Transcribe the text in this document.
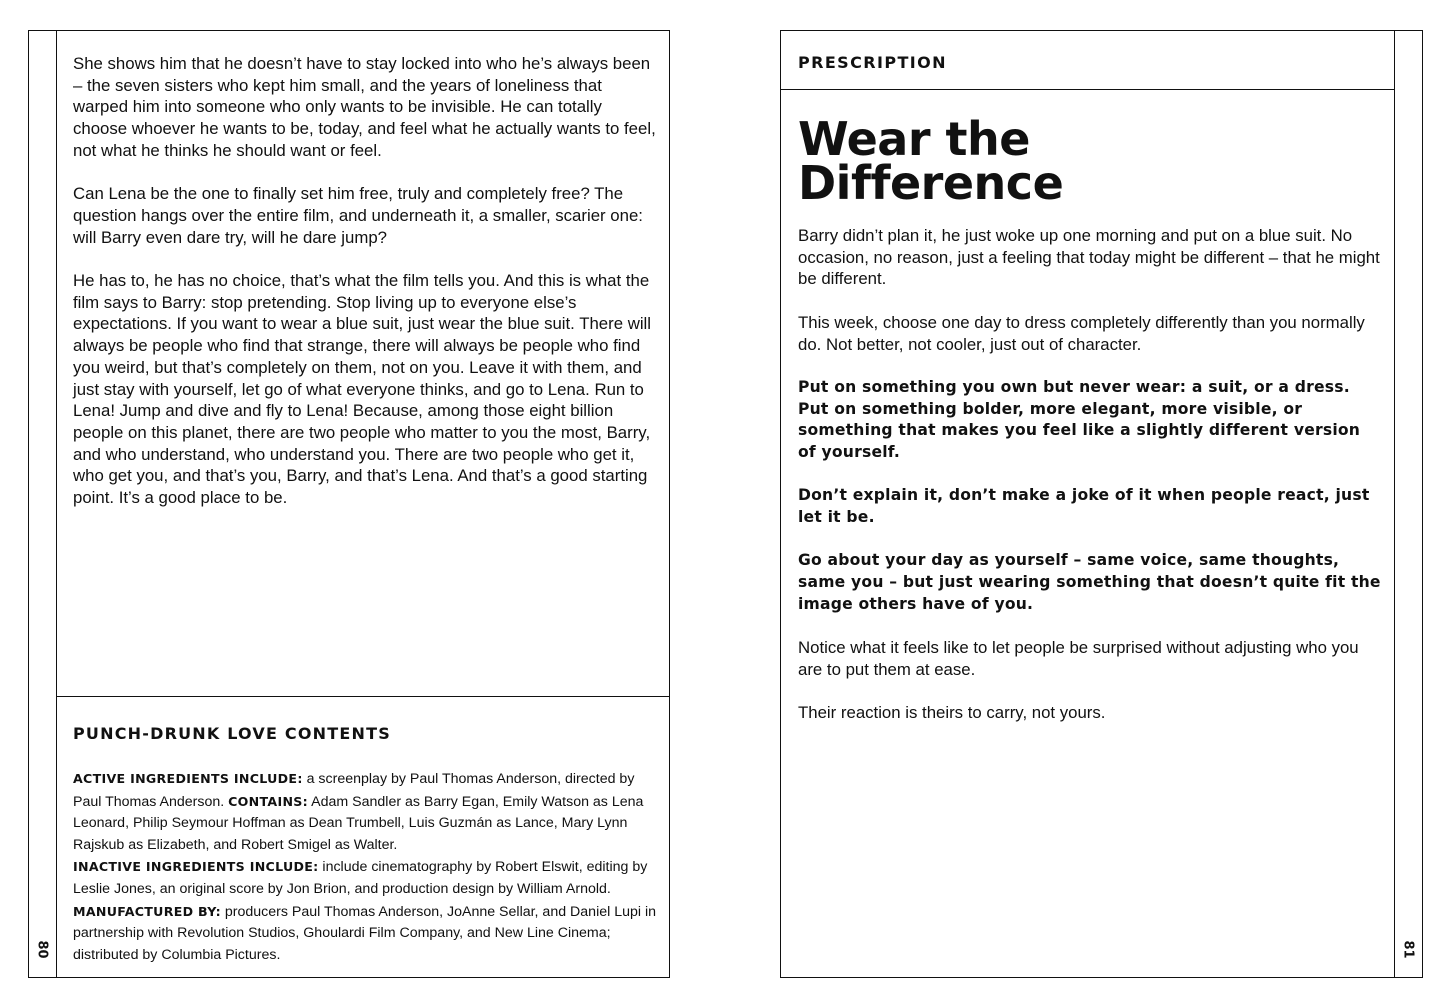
80

She shows him that he doesn’t have to stay locked into who he’s always been – the seven sisters who kept him small, and the years of loneliness that warped him into someone who only wants to be invisible. He can totally choose whoever he wants to be, today, and feel what he actually wants to feel, not what he thinks he should want or feel.

Can Lena be the one to finally set him free, truly and completely free? The question hangs over the entire film, and underneath it, a smaller, scarier one: will Barry even dare try, will he dare jump?

He has to, he has no choice, that’s what the film tells you. And this is what the film says to Barry: stop pretending. Stop living up to everyone else’s expectations. If you want to wear a blue suit, just wear the blue suit. There will always be people who find that strange, there will always be people who find you weird, but that’s completely on them, not on you. Leave it with them, and just stay with yourself, let go of what everyone thinks, and go to Lena. Run to Lena! Jump and dive and fly to Lena! Because, among those eight billion people on this planet, there are two people who matter to you the most, Barry, and who understand, who understand you. There are two people who get it, who get you, and that’s you, Barry, and that’s Lena. And that’s a good starting point. It’s a good place to be.

PUNCH-DRUNK LOVE CONTENTS
ACTIVE INGREDIENTS INCLUDE: a screenplay by Paul Thomas Anderson, directed by Paul Thomas Anderson. CONTAINS: Adam Sandler as Barry Egan, Emily Watson as Lena Leonard, Philip Seymour Hoffman as Dean Trumbell, Luis Guzmán as Lance, Mary Lynn Rajskub as Elizabeth, and Robert Smigel as Walter.
INACTIVE INGREDIENTS INCLUDE: include cinematography by Robert Elswit, editing by Leslie Jones, an original score by Jon Brion, and production design by William Arnold. MANUFACTURED BY: producers Paul Thomas Anderson, JoAnne Sellar, and Daniel Lupi in partnership with Revolution Studios, Ghoulardi Film Company, and New Line Cinema; distributed by Columbia Pictures.
PRESCRIPTION
Wear the
Difference

Barry didn’t plan it, he just woke up one morning and put on a blue suit. No occasion, no reason, just a feeling that today might be different – that he might be different.

This week, choose one day to dress completely differently than you normally do. Not better, not cooler, just out of character.

Put on something you own but never wear: a suit, or a dress. Put on something bolder, more elegant, more visible, or something that makes you feel like a slightly different version of yourself.

Don’t explain it, don’t make a joke of it when people react, just let it be.

Go about your day as yourself – same voice, same thoughts, same you – but just wearing something that doesn’t quite fit the image others have of you.

Notice what it feels like to let people be surprised without adjusting who you are to put them at ease.

Their reaction is theirs to carry, not yours.

81
